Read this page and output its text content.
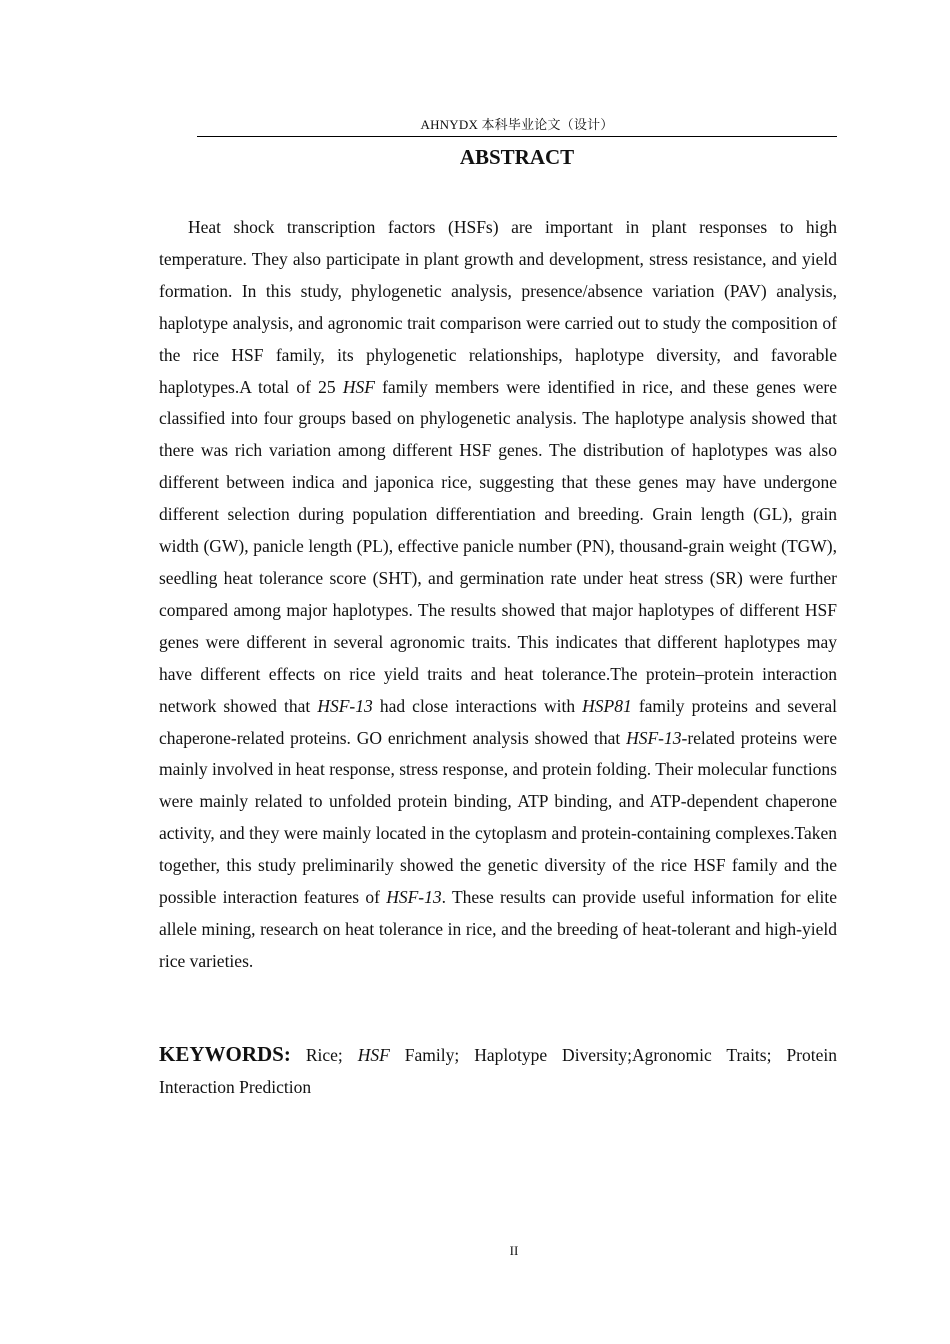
AHNYDX 本科毕业论文（设计）
ABSTRACT

Heat shock transcription factors (HSFs) are important in plant responses to high temperature. They also participate in plant growth and development, stress resistance, and yield formation. In this study, phylogenetic analysis, presence/absence variation (PAV) analysis, haplotype analysis, and agronomic trait comparison were carried out to study the composition of the rice HSF family, its phylogenetic relationships, haplotype diversity, and favorable haplotypes.A total of 25 HSF family members were identified in rice, and these genes were classified into four groups based on phylogenetic analysis. The haplotype analysis showed that there was rich variation among different HSF genes. The distribution of haplotypes was also different between indica and japonica rice, suggesting that these genes may have undergone different selection during population differentiation and breeding. Grain length (GL), grain width (GW), panicle length (PL), effective panicle number (PN), thousand-grain weight (TGW), seedling heat tolerance score (SHT), and germination rate under heat stress (SR) were further compared among major haplotypes. The results showed that major haplotypes of different HSF genes were different in several agronomic traits. This indicates that different haplotypes may have different effects on rice yield traits and heat tolerance.The protein–protein interaction network showed that HSF-13 had close interactions with HSP81 family proteins and several chaperone-related proteins. GO enrichment analysis showed that HSF-13-related proteins were mainly involved in heat response, stress response, and protein folding. Their molecular functions were mainly related to unfolded protein binding, ATP binding, and ATP-dependent chaperone activity, and they were mainly located in the cytoplasm and protein-containing complexes.Taken together, this study preliminarily showed the genetic diversity of the rice HSF family and the possible interaction features of HSF-13. These results can provide useful information for elite allele mining, research on heat tolerance in rice, and the breeding of heat-tolerant and high-yield rice varieties.

KEYWORDS: Rice; HSF Family; Haplotype Diversity;Agronomic Traits; Protein Interaction Prediction

II
